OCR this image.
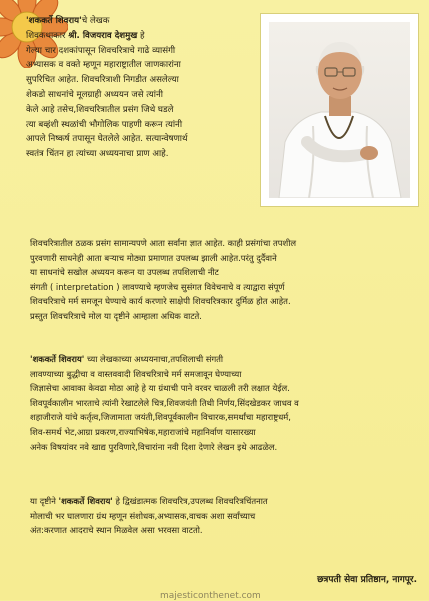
'शककर्ते शिवराय'चे लेखक
शिवकथाकार श्री. विजयराव देशमुख हे
गेल्या चार दशकांपासून शिवचरित्राचे गाढे व्यासंगी
अभ्यासक व वक्ते म्हणून महाराष्ट्रातील जाणकारांना
सुपरिचित आहेत. शिवचरित्राशी निगडीत असलेल्या
शेकडो साधनांचे मूलग्राही अध्ययन जसे त्यांनी
केले आहे तसेच,शिवचरित्रातील प्रसंग जिथे घडले
त्या बव्हंशी स्थळांची भौगोलिक पाहणी करून त्यांनी
आपले निष्कर्ष तपासून घेतलेले आहेत. सत्यान्वेषणार्थ
स्वतंत्र चिंतन हा त्यांच्या अध्ययनाचा प्राण आहे.
शिवचरित्रातील ठळक प्रसंग सामान्यपणे आता सर्वांना ज्ञात आहेत. काही प्रसंगांचा तपशील
पुरवणारी साधनेही आता बऱ्याच मोठ्या प्रमाणात उपलब्ध झाली आहेत.परंतु दुर्दैवाने
या साधनांचे सखोल अध्ययन करून या उपलब्ध तपशिलाची नीट
संगती ( interpretation ) लावण्याचे म्हणजेच सुसंगत विवेचनाचे व त्याद्वारा संपूर्ण
शिवचरित्राचे मर्म समजून घेण्याचे कार्य करणारे साक्षेपी शिवचरित्रकार दुर्मिळ होत आहेत.
प्रस्तुत शिवचरित्राचे मोल या दृष्टीने आम्हाला अधिक वाटते.
'शककर्ते शिवराय' च्या लेखकाच्या अध्ययनाचा,तपशिलाची संगती
लावण्याच्या बुद्धीचा व वास्तववादी शिवचरित्राचे मर्म समजावून घेण्याच्या
जिज्ञासेचा आवाका केवढा मोठा आहे हे या ग्रंथाची पाने वरवर चाळली तरी लक्षात येईल.
शिवपूर्वकालीन भारताचे त्यांनी रेखाटलेले चित्र,शिवजयंती तिथी निर्णय,सिंदखेडकर जाधव व
शहाजीराजे यांचे कर्तृत्व,जिजामाता जयंती,शिवपूर्वकालीन विचारक,समर्थांचा महाराष्ट्रधर्म,
शिव-समर्थ भेट,आग्रा प्रकरण,राज्याभिषेक,महाराजांचे महानिर्वाण यासारख्या
अनेक विषयांवर नवे खाद्य पुरविणारे,विचारांना नवी दिशा देणारे लेखन इथे आढळेल.
या दृष्टीने 'शककर्ते शिवराय' हे द्विखंडात्मक शिवचरित्र,उपलब्ध शिवचरित्रचिंतनात
मोलाची भर घालणारा ग्रंथ म्हणून संशोधक,अभ्यासक,वाचक अशा सर्वांच्याच
अंत:करणात आदराचे स्थान मिळवेल असा भरवसा वाटतो.
छत्रपती सेवा प्रतिष्ठान, नागपूर.
majesticonthenet.com
